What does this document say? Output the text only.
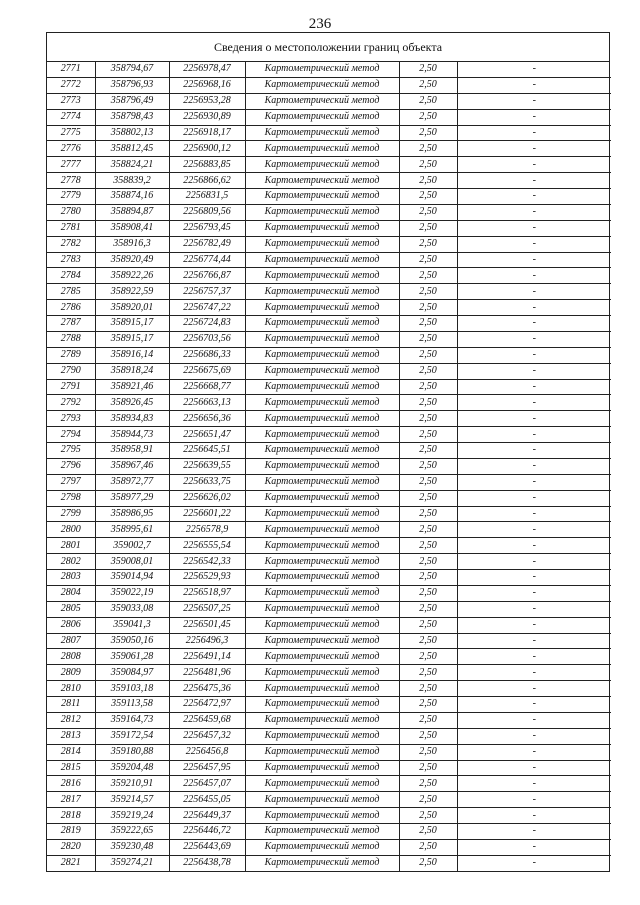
236
Сведения о местоположении границ объекта
2771	358794,67	2256978,47	Картометрический метод	2,50	-
2772	358796,93	2256968,16	Картометрический метод	2,50	-
2773	358796,49	2256953,28	Картометрический метод	2,50	-
2774	358798,43	2256930,89	Картометрический метод	2,50	-
2775	358802,13	2256918,17	Картометрический метод	2,50	-
2776	358812,45	2256900,12	Картометрический метод	2,50	-
2777	358824,21	2256883,85	Картометрический метод	2,50	-
2778	358839,2	2256866,62	Картометрический метод	2,50	-
2779	358874,16	2256831,5	Картометрический метод	2,50	-
2780	358894,87	2256809,56	Картометрический метод	2,50	-
2781	358908,41	2256793,45	Картометрический метод	2,50	-
2782	358916,3	2256782,49	Картометрический метод	2,50	-
2783	358920,49	2256774,44	Картометрический метод	2,50	-
2784	358922,26	2256766,87	Картометрический метод	2,50	-
2785	358922,59	2256757,37	Картометрический метод	2,50	-
2786	358920,01	2256747,22	Картометрический метод	2,50	-
2787	358915,17	2256724,83	Картометрический метод	2,50	-
2788	358915,17	2256703,56	Картометрический метод	2,50	-
2789	358916,14	2256686,33	Картометрический метод	2,50	-
2790	358918,24	2256675,69	Картометрический метод	2,50	-
2791	358921,46	2256668,77	Картометрический метод	2,50	-
2792	358926,45	2256663,13	Картометрический метод	2,50	-
2793	358934,83	2256656,36	Картометрический метод	2,50	-
2794	358944,73	2256651,47	Картометрический метод	2,50	-
2795	358958,91	2256645,51	Картометрический метод	2,50	-
2796	358967,46	2256639,55	Картометрический метод	2,50	-
2797	358972,77	2256633,75	Картометрический метод	2,50	-
2798	358977,29	2256626,02	Картометрический метод	2,50	-
2799	358986,95	2256601,22	Картометрический метод	2,50	-
2800	358995,61	2256578,9	Картометрический метод	2,50	-
2801	359002,7	2256555,54	Картометрический метод	2,50	-
2802	359008,01	2256542,33	Картометрический метод	2,50	-
2803	359014,94	2256529,93	Картометрический метод	2,50	-
2804	359022,19	2256518,97	Картометрический метод	2,50	-
2805	359033,08	2256507,25	Картометрический метод	2,50	-
2806	359041,3	2256501,45	Картометрический метод	2,50	-
2807	359050,16	2256496,3	Картометрический метод	2,50	-
2808	359061,28	2256491,14	Картометрический метод	2,50	-
2809	359084,97	2256481,96	Картометрический метод	2,50	-
2810	359103,18	2256475,36	Картометрический метод	2,50	-
2811	359113,58	2256472,97	Картометрический метод	2,50	-
2812	359164,73	2256459,68	Картометрический метод	2,50	-
2813	359172,54	2256457,32	Картометрический метод	2,50	-
2814	359180,88	2256456,8	Картометрический метод	2,50	-
2815	359204,48	2256457,95	Картометрический метод	2,50	-
2816	359210,91	2256457,07	Картометрический метод	2,50	-
2817	359214,57	2256455,05	Картометрический метод	2,50	-
2818	359219,24	2256449,37	Картометрический метод	2,50	-
2819	359222,65	2256446,72	Картометрический метод	2,50	-
2820	359230,48	2256443,69	Картометрический метод	2,50	-
2821	359274,21	2256438,78	Картометрический метод	2,50	-
